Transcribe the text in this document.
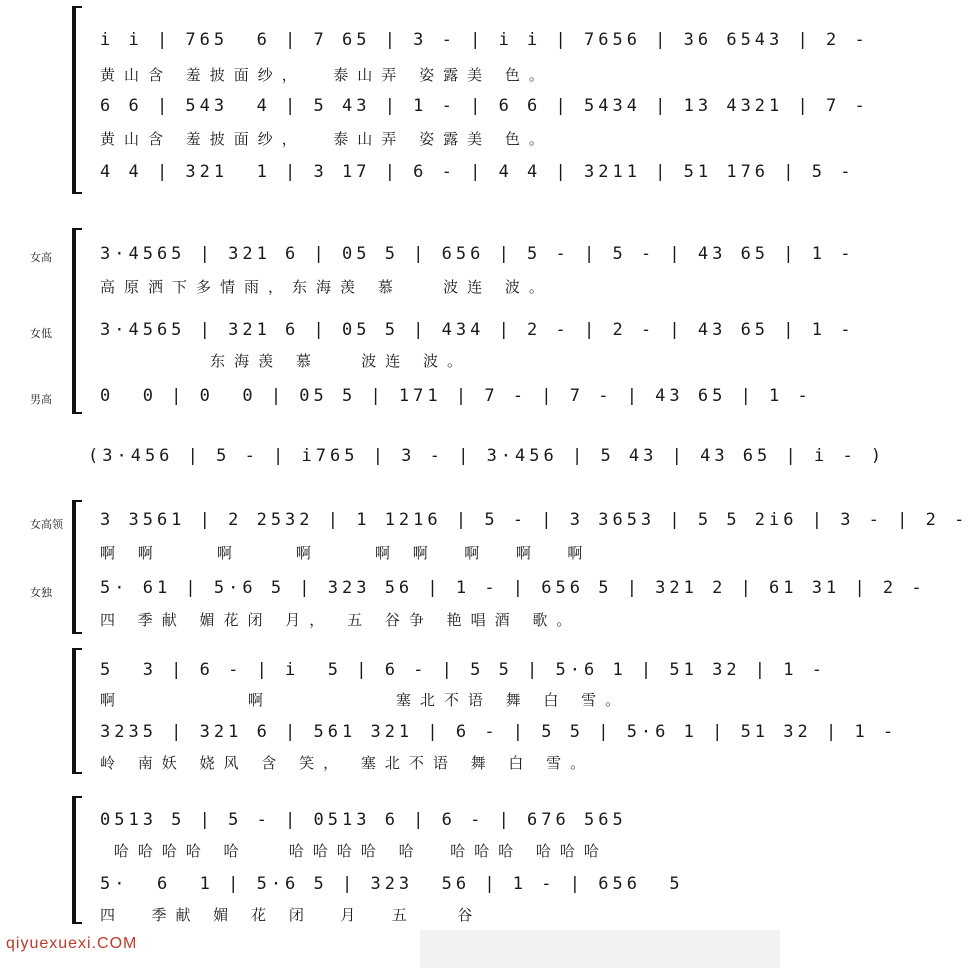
i i | 765  6 | 7 65 | 3 - | i i | 7656 | 36 6543 | 2 -
黄山含 羞披面纱，  泰山弄 姿露美 色。
6 6 | 543  4 | 5 43 | 1 - | 6 6 | 5434 | 13 4321 | 7 -
黄山含 羞披面纱，  泰山弄 姿露美 色。
4 4 | 321  1 | 3 17 | 6 - | 4 4 | 3211 | 51 176 | 5 -
女高	3·4565 | 321 6 | 05 5 | 656 | 5 - | 5 - | 43 65 | 1 -
高原洒下多情雨，东海羡 慕   波连 波。
女低	3·4565 | 321 6 | 05 5 | 434 | 2 - | 2 - | 43 65 | 1 -
东海羡 慕   波连 波。
男高	0  0 | 0  0 | 05 5 | 171 | 7 - | 7 - | 43 65 | 1 -
(3·456 | 5 - | i765 | 3 - | 3·456 | 5 43 | 43 65 | i - )
女高领	3 3561 | 2 2532 | 1 1216 | 5 - | 3 3653 | 5 5 2i6 | 3 - | 2 -
啊 啊    啊    啊    啊 啊  啊  啊  啊
女独	5· 61 | 5·6 5 | 323 56 | 1 - | 656 5 | 321 2 | 61 31 | 2 -
四 季献 媚花闭 月， 五 谷争 艳唱酒 歌。
5  3 | 6 - | i  5 | 6 - | 5 5 | 5·6 1 | 51 32 | 1 -
啊         啊         塞北不语 舞 白 雪。
3235 | 321 6 | 561 321 | 6 - | 5 5 | 5·6 1 | 51 32 | 1 -
岭 南妖 娆风 含 笑， 塞北不语 舞 白 雪。
0513 5 | 5 - | 0513 6 | 6 - | 676 565
哈哈哈哈 哈   哈哈哈哈 哈  哈哈哈 哈哈哈
5·  6  1 | 5·6 5 | 323  56 | 1 - | 656  5
四  季献 媚 花 闭  月  五   谷
qiyuexuexi.COM
